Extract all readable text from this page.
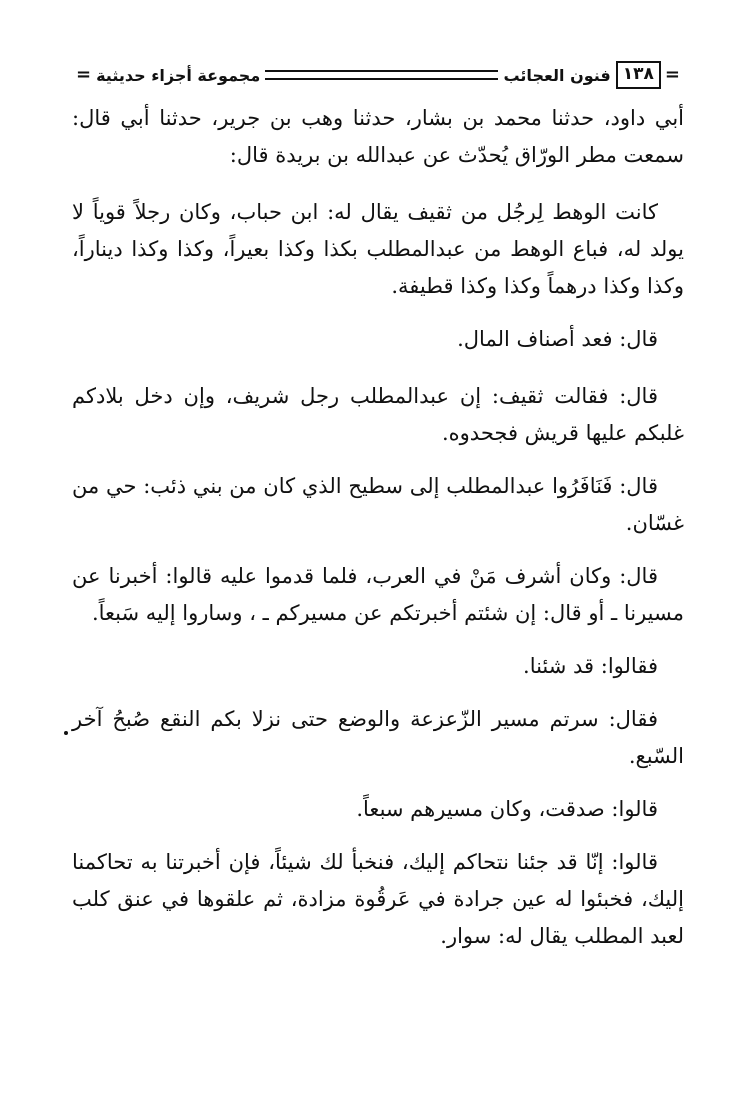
=
١٣٨
فنون العجائب
مجموعة أجزاء حديثية
=

أبي داود، حدثنا محمد بن بشار، حدثنا وهب بن جرير، حدثنا أبي قال: سمعت مطر الورّاق يُحدّث عن عبدالله بن بريدة قال:

كانت الوهط لِرجُل من ثقيف يقال له: ابن حباب، وكان رجلاً قوياً لا يولد له، فباع الوهط من عبدالمطلب بكذا وكذا بعيراً، وكذا وكذا ديناراً، وكذا وكذا درهماً وكذا وكذا قطيفة.

قال: فعد أصناف المال.

قال: فقالت ثقيف: إن عبدالمطلب رجل شريف، وإن دخل بلادكم غلبكم عليها قريش فجحدوه.

قال: فَنَافَرُوا عبدالمطلب إلى سطيح الذي كان من بني ذئب: حي من غسّان.

قال: وكان أشرف مَنْ في العرب، فلما قدموا عليه قالوا: أخبرنا عن مسيرنا ـ أو قال: إن شئتم أخبرتكم عن مسيركم ـ ، وساروا إليه سَبعاً.

فقالوا: قد شئنا.

فقال: سرتم مسير الزّعزعة والوضع حتى نزلا بكم النقع صُبحُ آخر السّبع.

قالوا: صدقت، وكان مسيرهم سبعاً.

قالوا: إنّا قد جئنا نتحاكم إليك، فنخبأ لك شيئاً، فإن أخبرتنا به تحاكمنا إليك، فخبئوا له عين جرادة في عَرقُوة مزادة، ثم علقوها في عنق كلب لعبد المطلب يقال له: سوار.
